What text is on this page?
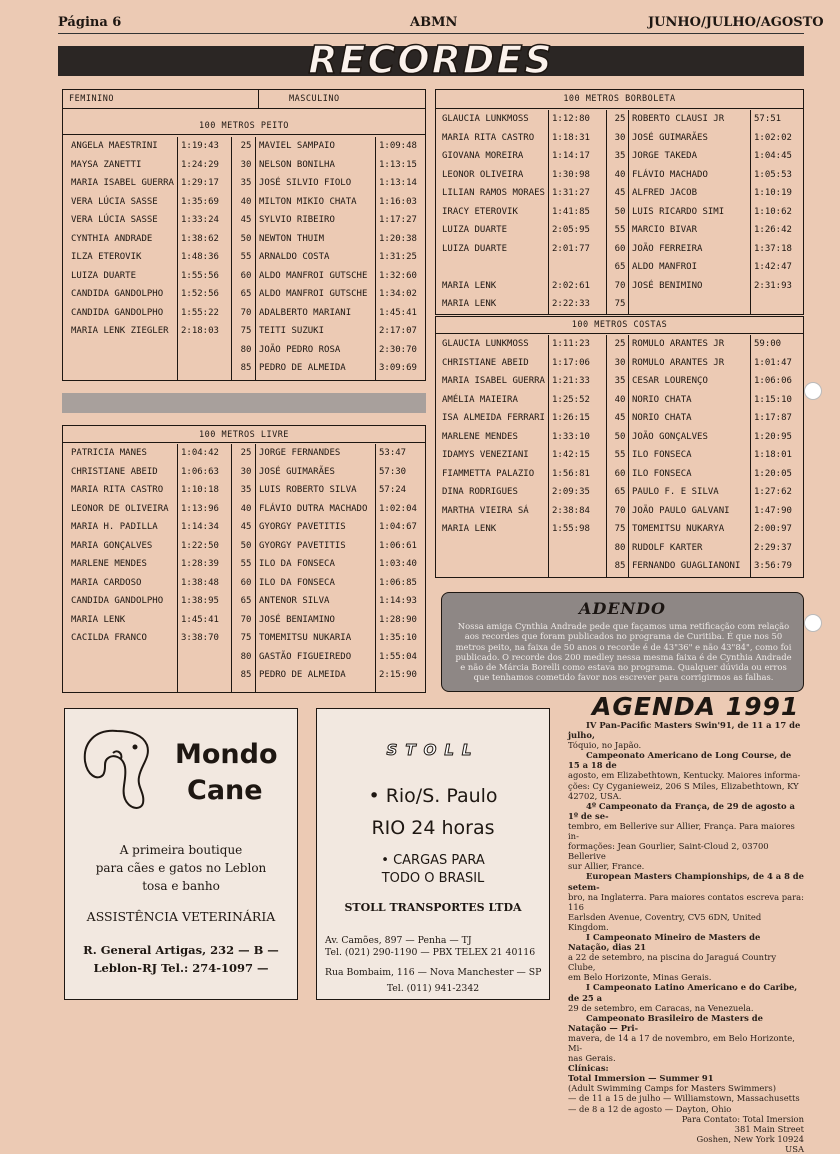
Página 6	ABMN	JUNHO/JULHO/AGOSTO
RECORDES
FEMININO	MASCULINO
100 METROS PEITO
ANGELA MAESTRINI	1:19:43	25 MAVIEL SAMPAIO	1:09:48
MAYSA ZANETTI	1:24:29	30 NELSON BONILHA	1:13:15
MARIA ISABEL GUERRA 1:29:17	35 JOSÉ SILVIO FIOLO	1:13:14
VERA LÚCIA SASSE	1:35:69	40 MILTON MIKIO CHATA	1:16:03
VERA LÚCIA SASSE	1:33:24	45 SYLVIO RIBEIRO	1:17:27
CYNTHIA ANDRADE	1:38:62	50 NEWTON THUIM	1:20:38
ILZA ETEROVIK	1:48:36	55 ARNALDO COSTA	1:31:25
LUIZA DUARTE	1:55:56	60 ALDO MANFROI GUTSCHE	1:32:60
CANDIDA GANDOLPHO	1:52:56	65 ALDO MANFROI GUTSCHE	1:34:02
CANDIDA GANDOLPHO	1:55:22	70 ADALBERTO MARIANI	1:45:41
MARIA LENK ZIEGLER	2:18:03	75 TEITI SUZUKI	2:17:07
80 JOÃO PEDRO ROSA	2:30:70
85 PEDRO DE ALMEIDA	3:09:69
100 METROS LIVRE
PATRICIA MANES	1:04:42	25 JORGE FERNANDES	53:47
CHRISTIANE ABEID	1:06:63	30 JOSÉ GUIMARÃES	57:30
MARIA RITA CASTRO	1:10:18	35 LUIS ROBERTO SILVA	57:24
LEONOR DE OLIVEIRA	1:13:96	40 FLÁVIO DUTRA MACHADO	1:02:04
MARIA H. PADILLA	1:14:34	45 GYORGY PAVETITIS	1:04:67
MARIA GONÇALVES	1:22:50	50 GYORGY PAVETITIS	1:06:61
MARLENE MENDES	1:28:39	55 ILO DA FONSECA	1:03:40
MARIA CARDOSO	1:38:48	60 ILO DA FONSECA	1:06:85
CANDIDA GANDOLPHO	1:38:95	65 ANTENOR SILVA	1:14:93
MARIA LENK	1:45:41	70 JOSÉ BENIAMINO	1:28:90
CACILDA FRANCO	3:38:70	75 TOMEMITSU NUKARIA	1:35:10
80 GASTÃO FIGUEIREDO	1:55:04
85 PEDRO DE ALMEIDA	2:15:90
100 METROS BORBOLETA
GLAUCIA LUNKMOSS	1:12:80	25 ROBERTO CLAUSI JR	57:51
MARIA RITA CASTRO	1:18:31	30 JOSÉ GUIMARÃES	1:02:02
GIOVANA MOREIRA	1:14:17	35 JORGE TAKEDA	1:04:45
LEONOR OLIVEIRA	1:30:98	40 FLÁVIO MACHADO	1:05:53
LILIAN RAMOS MORAES 1:31:27	45 ALFRED JACOB	1:10:19
IRACY ETEROVIK	1:41:85	50 LUIS RICARDO SIMI	1:10:62
LUIZA DUARTE	2:05:95	55 MARCIO BIVAR	1:26:42
LUIZA DUARTE	2:01:77	60 JOÃO FERREIRA	1:37:18
65 ALDO MANFROI	1:42:47
MARIA LENK	2:02:61	70 JOSÉ BENIMINO	2:31:93
MARIA LENK	2:22:33	75
100 METROS COSTAS
GLAUCIA LUNKMOSS	1:11:23	25 ROMULO ARANTES JR	59:00
CHRISTIANE ABEID	1:17:06	30 ROMULO ARANTES JR	1:01:47
MARIA ISABEL GUERRA 1:21:33	35 CESAR LOURENÇO	1:06:06
AMÉLIA MAIEIRA	1:25:52	40 NORIO CHATA	1:15:10
ISA ALMEIDA FERRARI 1:26:15	45 NORIO CHATA	1:17:87
MARLENE MENDES	1:33:10	50 JOÃO GONÇALVES	1:20:95
IDAMYS VENEZIANI	1:42:15	55 ILO FONSECA	1:18:01
FIAMMETTA PALAZIO	1:56:81	60 ILO FONSECA	1:20:05
DINA RODRIGUES	2:09:35	65 PAULO F. E SILVA	1:27:62
MARTHA VIEIRA SÁ	2:38:84	70 JOÃO PAULO GALVANI	1:47:90
MARIA LENK	1:55:98	75 TOMEMITSU NUKARYA	2:00:97
80 RUDOLF KARTER	2:29:37
85 FERNANDO GUAGLIANONI	3:56:79
ADENDO
Nossa amiga Cynthia Andrade pede que façamos uma retificação com relação aos recordes que foram publicados no programa de Curitiba. É que nos 50 metros peito, na faixa de 50 anos o recorde é de 43"36" e não 43"84", como foi publicado. O recorde dos 200 medley nessa mesma faixa é de Cynthia Andrade e não de Márcia Borelli como estava no programa. Qualquer dúvida ou erros que tenhamos cometido favor nos escrever para corrigirmos as falhas.
Mondo
Cane
A primeira boutique
para cães e gatos no Leblon
tosa e banho
ASSISTÊNCIA VETERINÁRIA
R. General Artigas, 232 — B —
Leblon-RJ Tel.: 274-1097 —
STOLL
• Rio/S. Paulo
RIO 24 horas
• CARGAS PARA
TODO O BRASIL
STOLL TRANSPORTES LTDA
Av. Camões, 897 — Penha — TJ
Tel. (021) 290-1190 — PBX TELEX 21 40116
Rua Bombaim, 116 — Nova Manchester — SP
Tel. (011) 941-2342
AGENDA 1991
IV Pan-Pacific Masters Swin'91, de 11 a 17 de julho,
Tóquio, no Japão.
Campeonato Americano de Long Course, de 15 a 18 de
agosto, em Elizabethtown, Kentucky. Maiores informa-
ções: Cy Cyganieweiz, 206 S Miles, Elizabethtown, KY
42702, USA.
4º Campeonato da França, de 29 de agosto a 1º de se-
tembro, em Bellerive sur Allier, França. Para maiores in-
formações: Jean Gourlier, Saint-Cloud 2, 03700 Bellerive
sur Allier, France.
European Masters Championships, de 4 a 8 de setem-
bro, na Inglaterra. Para maiores contatos escreva para: 116
Earlsden Avenue, Coventry, CV5 6DN, United Kingdom.
I Campeonato Mineiro de Masters de Natação, dias 21
a 22 de setembro, na piscina do Jaraguá Country Clube,
em Belo Horizonte, Minas Gerais.
I Campeonato Latino Americano e do Caribe, de 25 a
29 de setembro, em Caracas, na Venezuela.
Campeonato Brasileiro de Masters de Natação — Pri-
mavera, de 14 a 17 de novembro, em Belo Horizonte, Mi-
nas Gerais.
Clínicas:
Total Immersion — Summer 91
(Adult Swimming Camps for Masters Swimmers)
— de 11 a 15 de julho — Williamstown, Massachusetts
— de 8 a 12 de agosto — Dayton, Ohio
Para Contato: Total Imersion
381 Main Street
Goshen, New York 10924
USA
